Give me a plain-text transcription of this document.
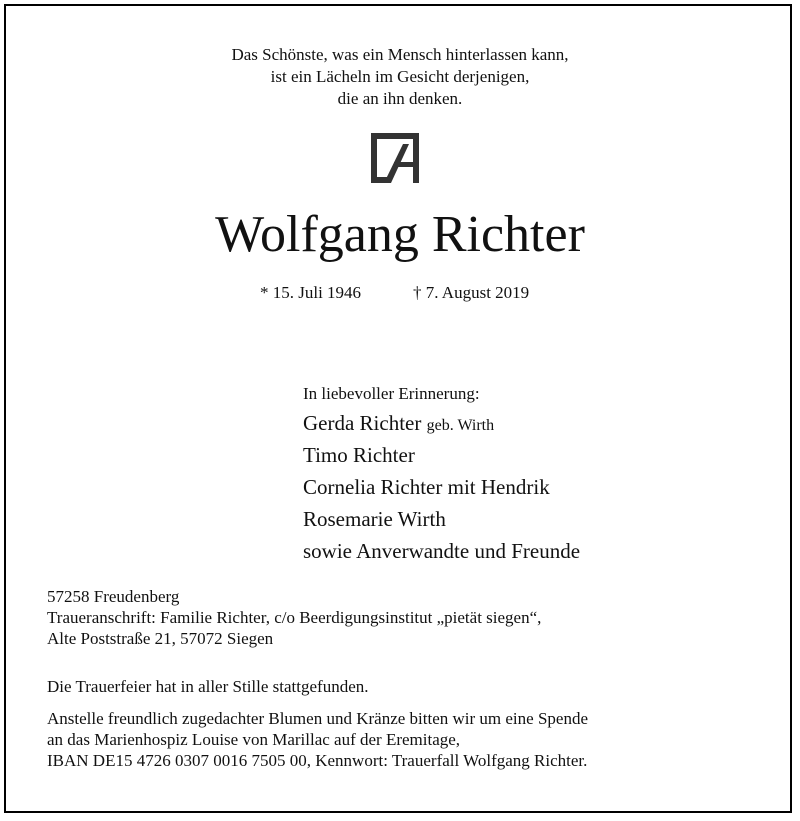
Das Schönste, was ein Mensch hinterlassen kann,
ist ein Lächeln im Gesicht derjenigen,
die an ihn denken.
Wolfgang Richter
* 15. Juli 1946	† 7. August 2019
In liebevoller Erinnerung:
Gerda Richter geb. Wirth
Timo Richter
Cornelia Richter mit Hendrik
Rosemarie Wirth
sowie Anverwandte und Freunde
57258 Freudenberg
Traueranschrift: Familie Richter, c/o Beerdigungsinstitut „pietät siegen“,
Alte Poststraße 21, 57072 Siegen
Die Trauerfeier hat in aller Stille stattgefunden.
Anstelle freundlich zugedachter Blumen und Kränze bitten wir um eine Spende
an das Marienhospiz Louise von Marillac auf der Eremitage,
IBAN DE15 4726 0307 0016 7505 00, Kennwort: Trauerfall Wolfgang Richter.
